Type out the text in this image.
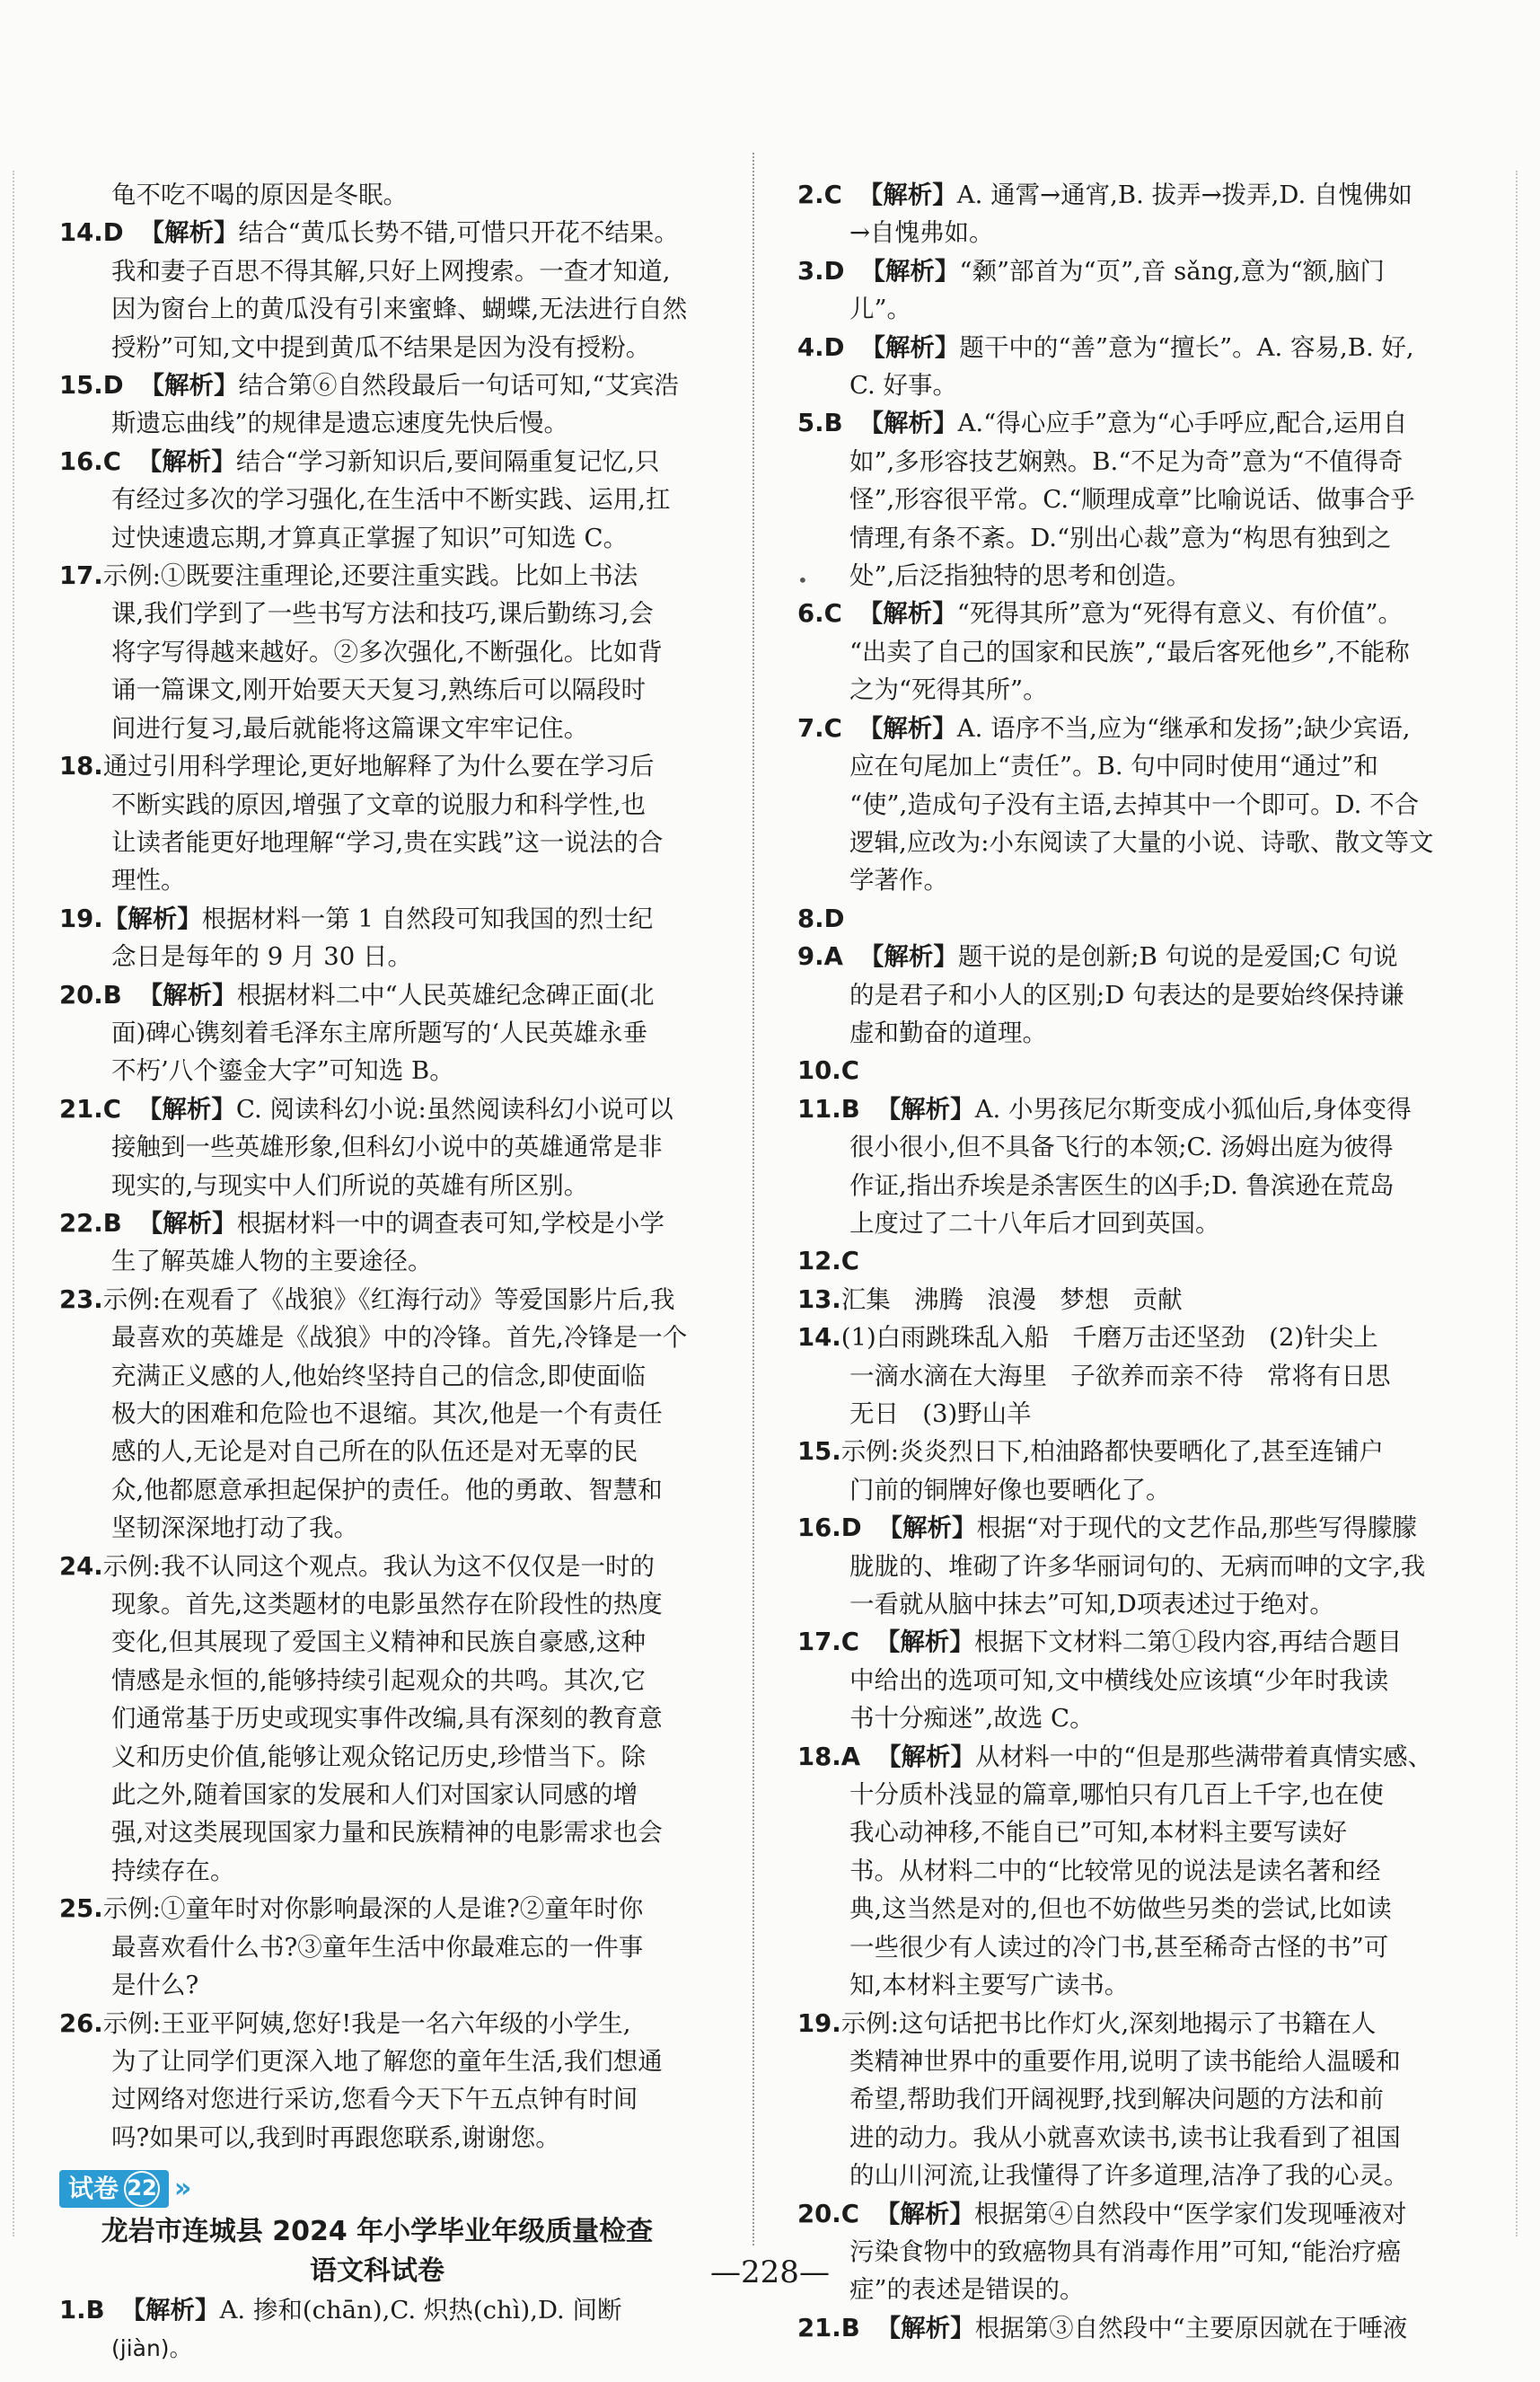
•

龟不吃不喝的原因是冬眠。

14.D 【解析】结合“黄瓜长势不错,可惜只开花不结果。

我和妻子百思不得其解,只好上网搜索。一查才知道,

因为窗台上的黄瓜没有引来蜜蜂、蝴蝶,无法进行自然

授粉”可知,文中提到黄瓜不结果是因为没有授粉。

15.D 【解析】结合第⑥自然段最后一句话可知,“艾宾浩

斯遗忘曲线”的规律是遗忘速度先快后慢。

16.C 【解析】结合“学习新知识后,要间隔重复记忆,只

有经过多次的学习强化,在生活中不断实践、运用,扛

过快速遗忘期,才算真正掌握了知识”可知选 C。

17.示例:①既要注重理论,还要注重实践。比如上书法

课,我们学到了一些书写方法和技巧,课后勤练习,会

将字写得越来越好。②多次强化,不断强化。比如背

诵一篇课文,刚开始要天天复习,熟练后可以隔段时

间进行复习,最后就能将这篇课文牢牢记住。

18.通过引用科学理论,更好地解释了为什么要在学习后

不断实践的原因,增强了文章的说服力和科学性,也

让读者能更好地理解“学习,贵在实践”这一说法的合

理性。

19.【解析】根据材料一第 1 自然段可知我国的烈士纪

念日是每年的 9 月 30 日。

20.B 【解析】根据材料二中“人民英雄纪念碑正面(北

面)碑心镌刻着毛泽东主席所题写的‘人民英雄永垂

不朽’八个鎏金大字”可知选 B。

21.C 【解析】C. 阅读科幻小说:虽然阅读科幻小说可以

接触到一些英雄形象,但科幻小说中的英雄通常是非

现实的,与现实中人们所说的英雄有所区别。

22.B 【解析】根据材料一中的调查表可知,学校是小学

生了解英雄人物的主要途径。

23.示例:在观看了《战狼》《红海行动》等爱国影片后,我

最喜欢的英雄是《战狼》中的冷锋。首先,冷锋是一个

充满正义感的人,他始终坚持自己的信念,即使面临

极大的困难和危险也不退缩。其次,他是一个有责任

感的人,无论是对自己所在的队伍还是对无辜的民

众,他都愿意承担起保护的责任。他的勇敢、智慧和

坚韧深深地打动了我。

24.示例:我不认同这个观点。我认为这不仅仅是一时的

现象。首先,这类题材的电影虽然存在阶段性的热度

变化,但其展现了爱国主义精神和民族自豪感,这种

情感是永恒的,能够持续引起观众的共鸣。其次,它

们通常基于历史或现实事件改编,具有深刻的教育意

义和历史价值,能够让观众铭记历史,珍惜当下。除

此之外,随着国家的发展和人们对国家认同感的增

强,对这类展现国家力量和民族精神的电影需求也会

持续存在。

25.示例:①童年时对你影响最深的人是谁?②童年时你

最喜欢看什么书?③童年生活中你最难忘的一件事

是什么?

26.示例:王亚平阿姨,您好!我是一名六年级的小学生,

为了让同学们更深入地了解您的童年生活,我们想通

过网络对您进行采访,您看今天下午五点钟有时间

吗?如果可以,我到时再跟您联系,谢谢您。

试卷 22 »

龙岩市连城县 2024 年小学毕业年级质量检查

语文科试卷

1.B 【解析】A. 掺和(chān),C. 炽热(chì),D. 间断

(jiàn)。

2.C 【解析】A. 通霄→通宵,B. 拔弄→拨弄,D. 自愧佛如

→自愧弗如。

3.D 【解析】“颡”部首为“页”,音 sǎng,意为“额,脑门

儿”。

4.D 【解析】题干中的“善”意为“擅长”。A. 容易,B. 好,

C. 好事。

5.B 【解析】A.“得心应手”意为“心手呼应,配合,运用自

如”,多形容技艺娴熟。B.“不足为奇”意为“不值得奇

怪”,形容很平常。C.“顺理成章”比喻说话、做事合乎

情理,有条不紊。D.“别出心裁”意为“构思有独到之

处”,后泛指独特的思考和创造。

6.C 【解析】“死得其所”意为“死得有意义、有价值”。

“出卖了自己的国家和民族”,“最后客死他乡”,不能称

之为“死得其所”。

7.C 【解析】A. 语序不当,应为“继承和发扬”;缺少宾语,

应在句尾加上“责任”。B. 句中同时使用“通过”和

“使”,造成句子没有主语,去掉其中一个即可。D. 不合

逻辑,应改为:小东阅读了大量的小说、诗歌、散文等文

学著作。

8.D

9.A 【解析】题干说的是创新;B 句说的是爱国;C 句说

的是君子和小人的区别;D 句表达的是要始终保持谦

虚和勤奋的道理。

10.C

11.B 【解析】A. 小男孩尼尔斯变成小狐仙后,身体变得

很小很小,但不具备飞行的本领;C. 汤姆出庭为彼得

作证,指出乔埃是杀害医生的凶手;D. 鲁滨逊在荒岛

上度过了二十八年后才回到英国。

12.C

13.汇集   沸腾   浪漫   梦想   贡献

14.(1)白雨跳珠乱入船   千磨万击还坚劲   (2)针尖上

一滴水滴在大海里   子欲养而亲不待   常将有日思

无日   (3)野山羊

15.示例:炎炎烈日下,柏油路都快要晒化了,甚至连铺户

门前的铜牌好像也要晒化了。

16.D 【解析】根据“对于现代的文艺作品,那些写得朦朦

胧胧的、堆砌了许多华丽词句的、无病而呻的文字,我

一看就从脑中抹去”可知,D项表述过于绝对。

17.C 【解析】根据下文材料二第①段内容,再结合题目

中给出的选项可知,文中横线处应该填“少年时我读

书十分痴迷”,故选 C。

18.A 【解析】从材料一中的“但是那些满带着真情实感、

十分质朴浅显的篇章,哪怕只有几百上千字,也在使

我心动神移,不能自已”可知,本材料主要写读好

书。从材料二中的“比较常见的说法是读名著和经

典,这当然是对的,但也不妨做些另类的尝试,比如读

一些很少有人读过的冷门书,甚至稀奇古怪的书”可

知,本材料主要写广读书。

19.示例:这句话把书比作灯火,深刻地揭示了书籍在人

类精神世界中的重要作用,说明了读书能给人温暖和

希望,帮助我们开阔视野,找到解决问题的方法和前

进的动力。我从小就喜欢读书,读书让我看到了祖国

的山川河流,让我懂得了许多道理,洁净了我的心灵。

20.C 【解析】根据第④自然段中“医学家们发现唾液对

污染食物中的致癌物具有消毒作用”可知,“能治疗癌

症”的表述是错误的。

21.B 【解析】根据第③自然段中“主要原因就在于唾液

—228—
